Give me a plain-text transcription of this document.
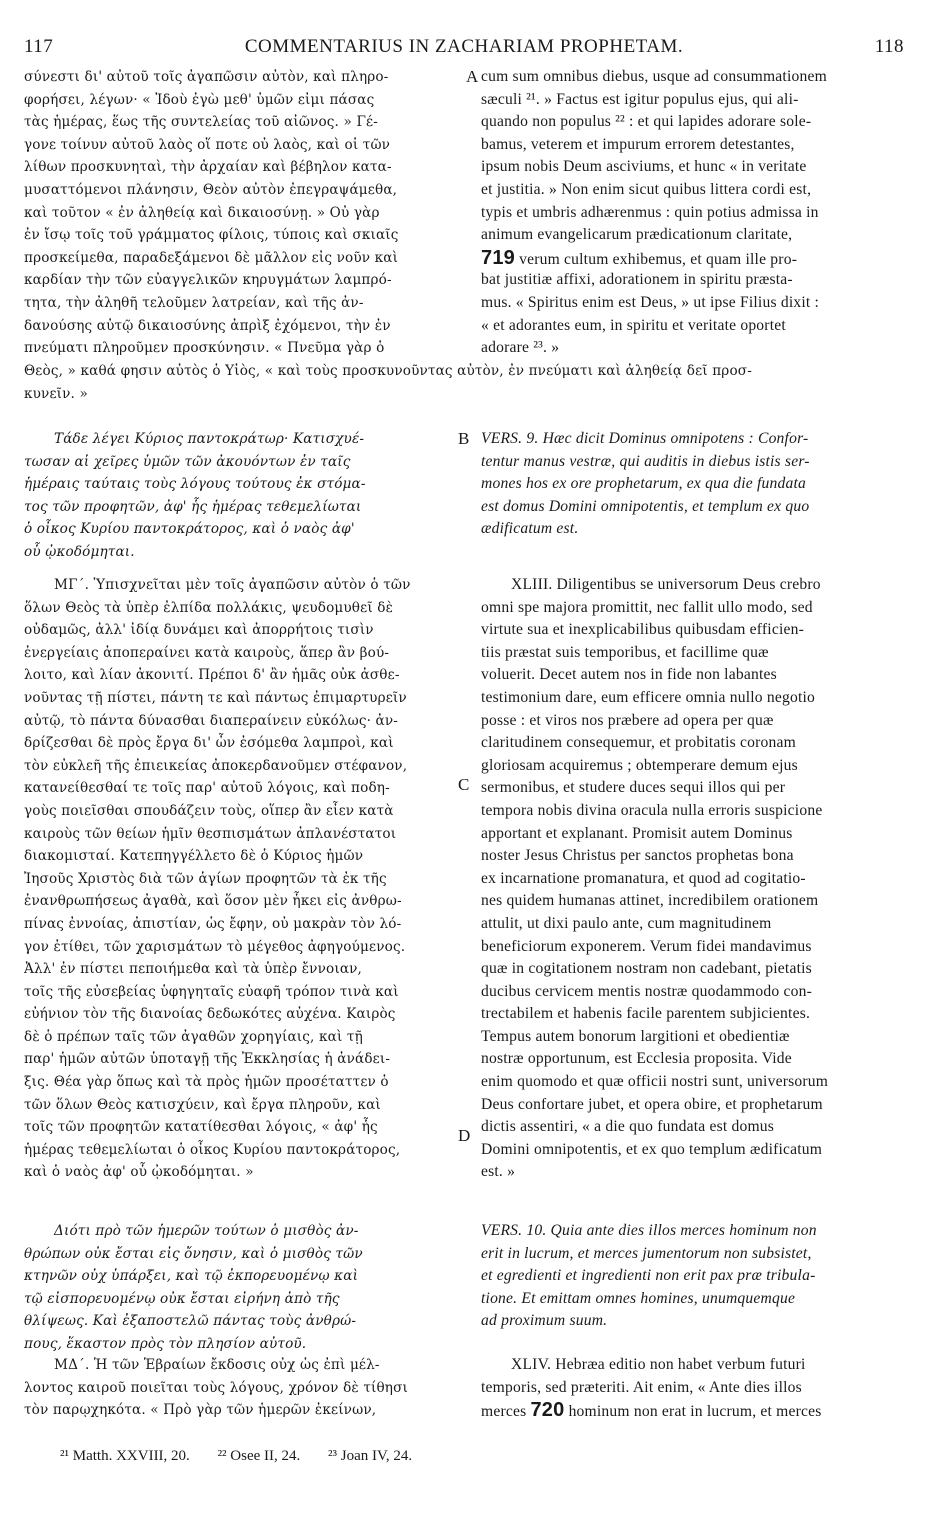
117	COMMENTARIUS IN ZACHARIAM PROPHETAM.	118
σύνεστι δι' αὐτοῦ τοῖς ἀγαπῶσιν αὐτὸν, καὶ πληρο-
φορήσει, λέγων· « Ἰδοὺ ἐγὼ μεθ' ὑμῶν εἰμι πάσας
τὰς ἡμέρας, ἕως τῆς συντελείας τοῦ αἰῶνος. » Γέ-
γονε τοίνυν αὐτοῦ λαὸς οἵ ποτε οὐ λαὸς, καὶ οἱ τῶν
λίθων προσκυνηταὶ, τὴν ἀρχαίαν καὶ βέβηλον κατα-
μυσαττόμενοι πλάνησιν, Θεὸν αὐτὸν ἐπεγραψάμεθα,
καὶ τοῦτον « ἐν ἀληθείᾳ καὶ δικαιοσύνῃ. » Οὐ γὰρ
ἐν ἴσῳ τοῖς τοῦ γράμματος φίλοις, τύποις καὶ σκιαῖς
προσκείμεθα, παραδεξάμενοι δὲ μᾶλλον εἰς νοῦν καὶ
καρδίαν τὴν τῶν εὐαγγελικῶν κηρυγμάτων λαμπρό-
τητα, τὴν ἀληθῆ τελοῦμεν λατρείαν, καὶ τῆς ἀν-
δανούσης αὐτῷ δικαιοσύνης ἀπρὶξ ἐχόμενοι, τὴν ἐν
πνεύματι πληροῦμεν προσκύνησιν. « Πνεῦμα γὰρ ὁ
cum sum omnibus diebus, usque ad consummationem
sæculi ²¹. » Factus est igitur populus ejus, qui ali-
quando non populus ²² : et qui lapides adorare sole-
bamus, veterem et impurum errorem detestantes,
ipsum nobis Deum asciviums, et hunc « in veritate
et justitia. » Non enim sicut quibus littera cordi est,
typis et umbris adhærenmus : quin potius admissa in
animum evangelicarum prædicationum claritate,
719 verum cultum exhibemus, et quam ille pro-
bat justitiæ affixi, adorationem in spiritu præsta-
mus. « Spiritus enim est Deus, » ut ipse Filius dixit :
« et adorantes eum, in spiritu et veritate oportet
adorare ²³. »
A
Θεὸς, » καθά φησιν αὐτὸς ὁ Υἱὸς, « καὶ τοὺς προσκυνοῦντας αὐτὸν, ἐν πνεύματι καὶ ἀληθείᾳ δεῖ προσ-
κυνεῖν. »
Τάδε λέγει Κύριος παντοκράτωρ· Κατισχυέ-
τωσαν αἱ χεῖρες ὑμῶν τῶν ἀκουόντων ἐν ταῖς
ἡμέραις ταύταις τοὺς λόγους τούτους ἐκ στόμα-
τος τῶν προφητῶν, ἀφ' ἧς ἡμέρας τεθεμελίωται
ὁ οἶκος Κυρίου παντοκράτορος, καὶ ὁ ναὸς ἀφ'
οὗ ᾠκοδόμηται.
VERS. 9. Hæc dicit Dominus omnipotens : Confor-
tentur manus vestræ, qui auditis in diebus istis ser-
mones hos ex ore prophetarum, ex qua die fundata
est domus Domini omnipotentis, et templum ex quo
ædificatum est.
B
ΜΓ΄. Ὑπισχνεῖται μὲν τοῖς ἀγαπῶσιν αὐτὸν ὁ τῶν
ὅλων Θεὸς τὰ ὑπὲρ ἐλπίδα πολλάκις, ψευδομυθεῖ δὲ
οὐδαμῶς, ἀλλ' ἰδίᾳ δυνάμει καὶ ἀπορρήτοις τισὶν
ἐνεργείαις ἀποπεραίνει κατὰ καιροὺς, ἅπερ ἂν βού-
λοιτο, καὶ λίαν ἀκονιτί. Πρέποι δ' ἂν ἡμᾶς οὐκ ἀσθε-
νοῦντας τῇ πίστει, πάντη τε καὶ πάντως ἐπιμαρτυρεῖν
αὐτῷ, τὸ πάντα δύνασθαι διαπεραίνειν εὐκόλως· ἀν-
δρίζεσθαι δὲ πρὸς ἔργα δι' ὧν ἐσόμεθα λαμπροὶ, καὶ
τὸν εὐκλεῆ τῆς ἐπιεικείας ἀποκερδανοῦμεν στέφανον,
κατανείθεσθαί τε τοῖς παρ' αὐτοῦ λόγοις, καὶ ποδη-
γοὺς ποιεῖσθαι σπουδάζειν τοὺς, οἵπερ ἂν εἶεν κατὰ
καιροὺς τῶν θείων ἡμῖν θεσπισμάτων ἀπλανέστατοι
διακομισταί. Κατεπηγγέλλετο δὲ ὁ Κύριος ἡμῶν
Ἰησοῦς Χριστὸς διὰ τῶν ἁγίων προφητῶν τὰ ἐκ τῆς
ἐνανθρωπήσεως ἀγαθὰ, καὶ ὅσον μὲν ἧκει εἰς ἀνθρω-
πίνας ἐννοίας, ἀπιστίαν, ὡς ἔφην, οὐ μακρὰν τὸν λό-
γον ἐτίθει, τῶν χαρισμάτων τὸ μέγεθος ἀφηγούμενος.
Ἀλλ' ἐν πίστει πεποιήμεθα καὶ τὰ ὑπὲρ ἔννοιαν,
τοῖς τῆς εὐσεβείας ὑφηγηταῖς εὐαφῆ τρόπον τινὰ καὶ
εὐήνιον τὸν τῆς διανοίας δεδωκότες αὐχένα. Καιρὸς
δὲ ὁ πρέπων ταῖς τῶν ἀγαθῶν χορηγίαις, καὶ τῇ
παρ' ἡμῶν αὐτῶν ὑποταγῇ τῆς Ἐκκλησίας ἡ ἀνάδει-
ξις. Θέα γὰρ ὅπως καὶ τὰ πρὸς ἡμῶν προσέταττεν ὁ
τῶν ὅλων Θεὸς κατισχύειν, καὶ ἔργα πληροῦν, καὶ
τοῖς τῶν προφητῶν κατατίθεσθαι λόγοις, « ἀφ' ἧς
ἡμέρας τεθεμελίωται ὁ οἶκος Κυρίου παντοκράτορος,
καὶ ὁ ναὸς ἀφ' οὗ ᾠκοδόμηται. »
XLIII. Diligentibus se universorum Deus crebro
omni spe majora promittit, nec fallit ullo modo, sed
virtute sua et inexplicabilibus quibusdam efficien-
tiis præstat suis temporibus, et facillime quæ
voluerit. Decet autem nos in fide non labantes
testimonium dare, eum efficere omnia nullo negotio
posse : et viros nos præbere ad opera per quæ
claritudinem consequemur, et probitatis coronam
gloriosam acquiremus ; obtemperare demum ejus
sermonibus, et studere duces sequi illos qui per
tempora nobis divina oracula nulla erroris suspicione
apportant et explanant. Promisit autem Dominus
noster Jesus Christus per sanctos prophetas bona
ex incarnatione promanatura, et quod ad cogitatio-
nes quidem humanas attinet, incredibilem orationem
attulit, ut dixi paulo ante, cum magnitudinem
beneficiorum exponerem. Verum fidei mandavimus
quæ in cogitationem nostram non cadebant, pietatis
ducibus cervicem mentis nostræ quodammodo con-
trectabilem et habenis facile parentem subjicientes.
Tempus autem bonorum largitioni et obedientiæ
nostræ opportunum, est Ecclesia proposita. Vide
enim quomodo et quæ officii nostri sunt, universorum
Deus confortare jubet, et opera obire, et prophetarum
dictis assentiri, « a die quo fundata est domus
Domini omnipotentis, et ex quo templum ædificatum
est. »
C
D
Διότι πρὸ τῶν ἡμερῶν τούτων ὁ μισθὸς ἀν-
θρώπων οὐκ ἔσται εἰς ὄνησιν, καὶ ὁ μισθὸς τῶν
κτηνῶν οὐχ ὑπάρξει, καὶ τῷ ἐκπορευομένῳ καὶ
τῷ εἰσπορευομένῳ οὐκ ἔσται εἰρήνη ἀπὸ τῆς
θλίψεως. Καὶ ἐξαποστελῶ πάντας τοὺς ἀνθρώ-
πους, ἕκαστον πρὸς τὸν πλησίον αὐτοῦ.
VERS. 10. Quia ante dies illos merces hominum non
erit in lucrum, et merces jumentorum non subsistet,
et egredienti et ingredienti non erit pax præ tribula-
tione. Et emittam omnes homines, unumquemque
ad proximum suum.
ΜΔ΄. Ἡ τῶν Ἑβραίων ἔκδοσις οὐχ ὡς ἐπὶ μέλ-
λοντος καιροῦ ποιεῖται τοὺς λόγους, χρόνον δὲ τίθησι
τὸν παρῳχηκότα. « Πρὸ γὰρ τῶν ἡμερῶν ἐκείνων,
XLIV. Hebræa editio non habet verbum futuri
temporis, sed præteriti. Ait enim, « Ante dies illos
merces 720 hominum non erat in lucrum, et merces
²¹ Matth. XXVIII, 20. ²² Osee II, 24. ²³ Joan IV, 24.
